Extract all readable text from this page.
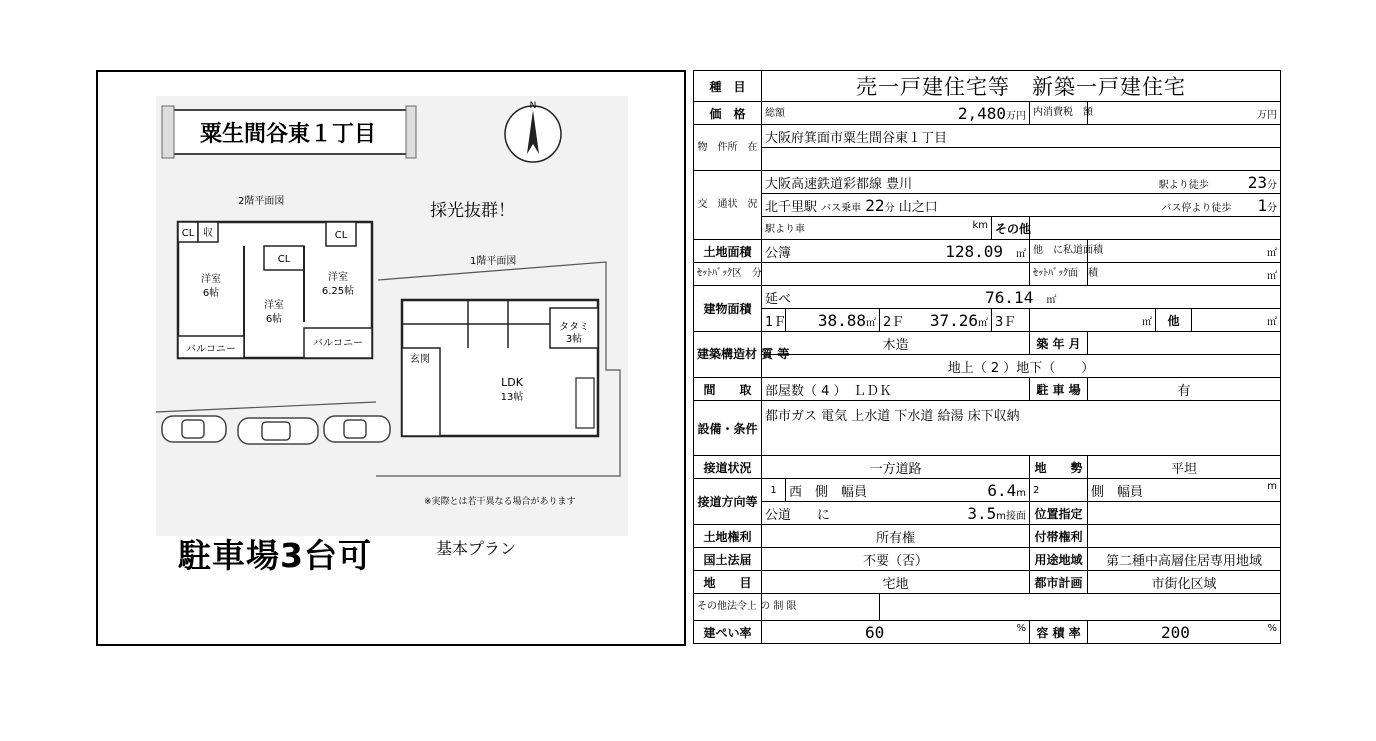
粟生間谷東１丁目
N
採光抜群！
2階平面図
1階平面図
CL 収	CL
CL
洋室
6帖
洋室
6帖
洋室
6.25帖
バルコニー
バルコニー
玄関
LDK
13帖
タタミ
3帖
※実際とは若干異なる場合があります
駐車場3台可	基本プラン
種　目	売一戸建住宅等　新築一戸建住宅							
価　格	総額 2,480万円				内消費税　額	万円		
物　件所　在	大阪府箕面市粟生間谷東１丁目							

交　通状　況	大阪高速鉄道彩都線 豊川 駅より徒歩　　　 23分							

	北千里駅 バス乗車 22分 山之口 バス停より徒歩　　 1分							

	駅より車 km			その他				
土地面積	公簿 128.09　 ㎡				他　に私道面積	㎡		
ｾｯﾄﾊﾞｯｸ区　分					ｾｯﾄﾊﾞｯｸ面　積	㎡		
建物面積	延べ 76.14　 ㎡							
	1Ｆ	38.88㎡	2Ｆ 37.26㎡	3Ｆ	㎡		他	㎡
建築構造材 質 等	木造				築 年 月			
	地上（ 2 ）地下（　　）							
間　　取	部屋数（ 4 ）　ＬＤＫ				駐 車 場	有		
設備・条件	都市ガス 電気 上水道 下水道 給湯 床下収納							
接道状況	一方道路				地　　勢	平坦		
接道方向等	1	西　側　幅員 6.4m			2	側　幅員 m		

	公道　　に 3.5m接面				位置指定			
土地権利	所有権				付帯権利			
国土法届	不要（否）				用途地域	第二種中高層住居専用地域		
地　　目	宅地				都市計画	市街化区域		
その他法令上 の 制 限								
建ぺい率	60 %				容 積 率	200 %		
